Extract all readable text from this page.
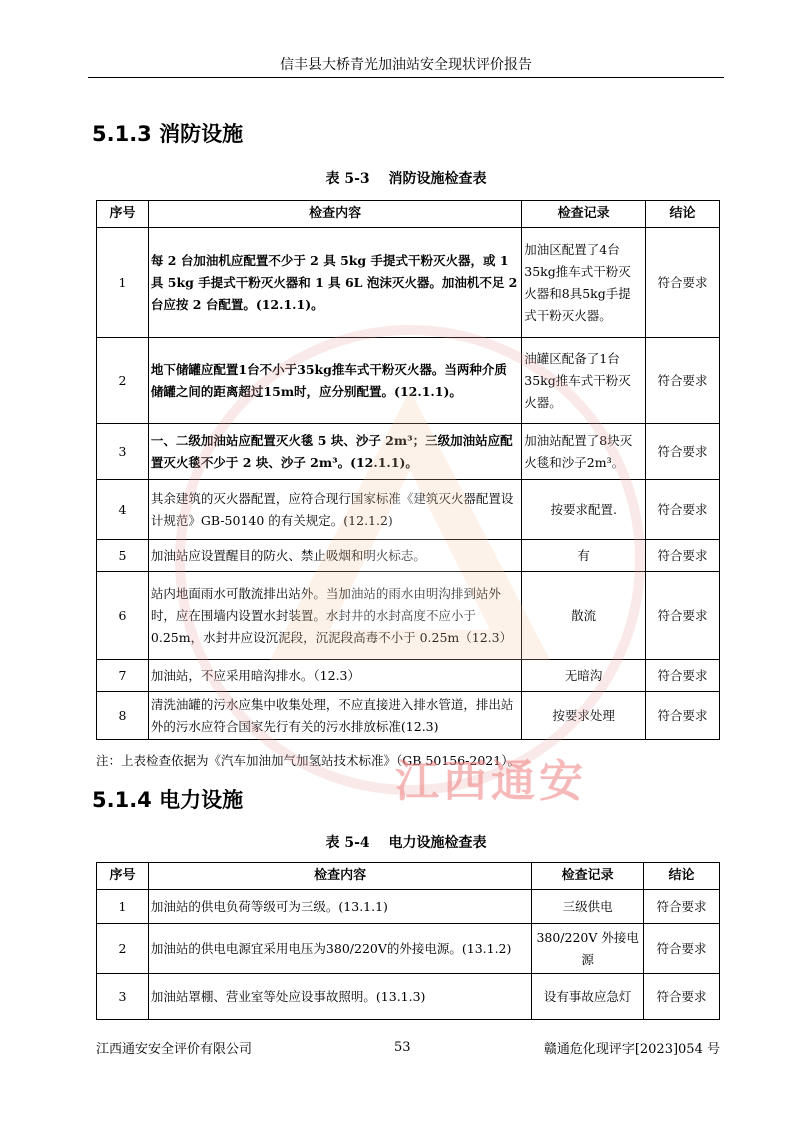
信丰县大桥青光加油站安全现状评价报告
5.1.3 消防设施
表 5-3　 消防设施检查表
序号	检查内容	检查记录	结论
1	每 2 台加油机应配置不少于 2 具 5kg 手提式干粉灭火器，或 1 具 5kg 手提式干粉灭火器和 1 具 6L 泡沫灭火器。加油机不足 2 台应按 2 台配置。(12.1.1)。	加油区配置了4台35kg推车式干粉灭火器和8具5kg手提式干粉灭火器。	符合要求
2	地下储罐应配置1台不小于35kg推车式干粉灭火器。当两种介质储罐之间的距离超过15m时，应分别配置。(12.1.1)。	油罐区配备了1台35kg推车式干粉灭火器。	符合要求
3	一、二级加油站应配置灭火毯 5 块、沙子 2m³；三级加油站应配置灭火毯不少于 2 块、沙子 2m³。(12.1.1)。	加油站配置了8块灭火毯和沙子2m³。	符合要求
4	其余建筑的灭火器配置，应符合现行国家标准《建筑灭火器配置设计规范》GB-50140 的有关规定。(12.1.2)	按要求配置.	符合要求
5	加油站应设置醒目的防火、禁止吸烟和明火标志。	有	符合要求
6	站内地面雨水可散流排出站外。当加油站的雨水由明沟排到站外时，应在围墙内设置水封装置。水封井的水封高度不应小于 0.25m，水封井应设沉泥段，沉泥段高毒不小于 0.25m（12.3）	散流	符合要求
7	加油站，不应采用暗沟排水。（12.3）	无暗沟	符合要求
8	清洗油罐的污水应集中收集处理，不应直接进入排水管道，排出站外的污水应符合国家先行有关的污水排放标准(12.3)	按要求处理	符合要求
注：上表检查依据为《汽车加油加气加氢站技术标准》（GB 50156-2021）。
5.1.4 电力设施
表 5-4　 电力设施检查表
序号	检查内容	检查记录	结论
1	加油站的供电负荷等级可为三级。(13.1.1)	三级供电	符合要求
2	加油站的供电电源宜采用电压为380/220V的外接电源。(13.1.2)	380/220V 外接电源	符合要求
3	加油站罩棚、营业室等处应设事故照明。(13.1.3)	设有事故应急灯	符合要求
江西通安
江西通安安全评价有限公司	53	赣通危化现评字[2023]054 号
